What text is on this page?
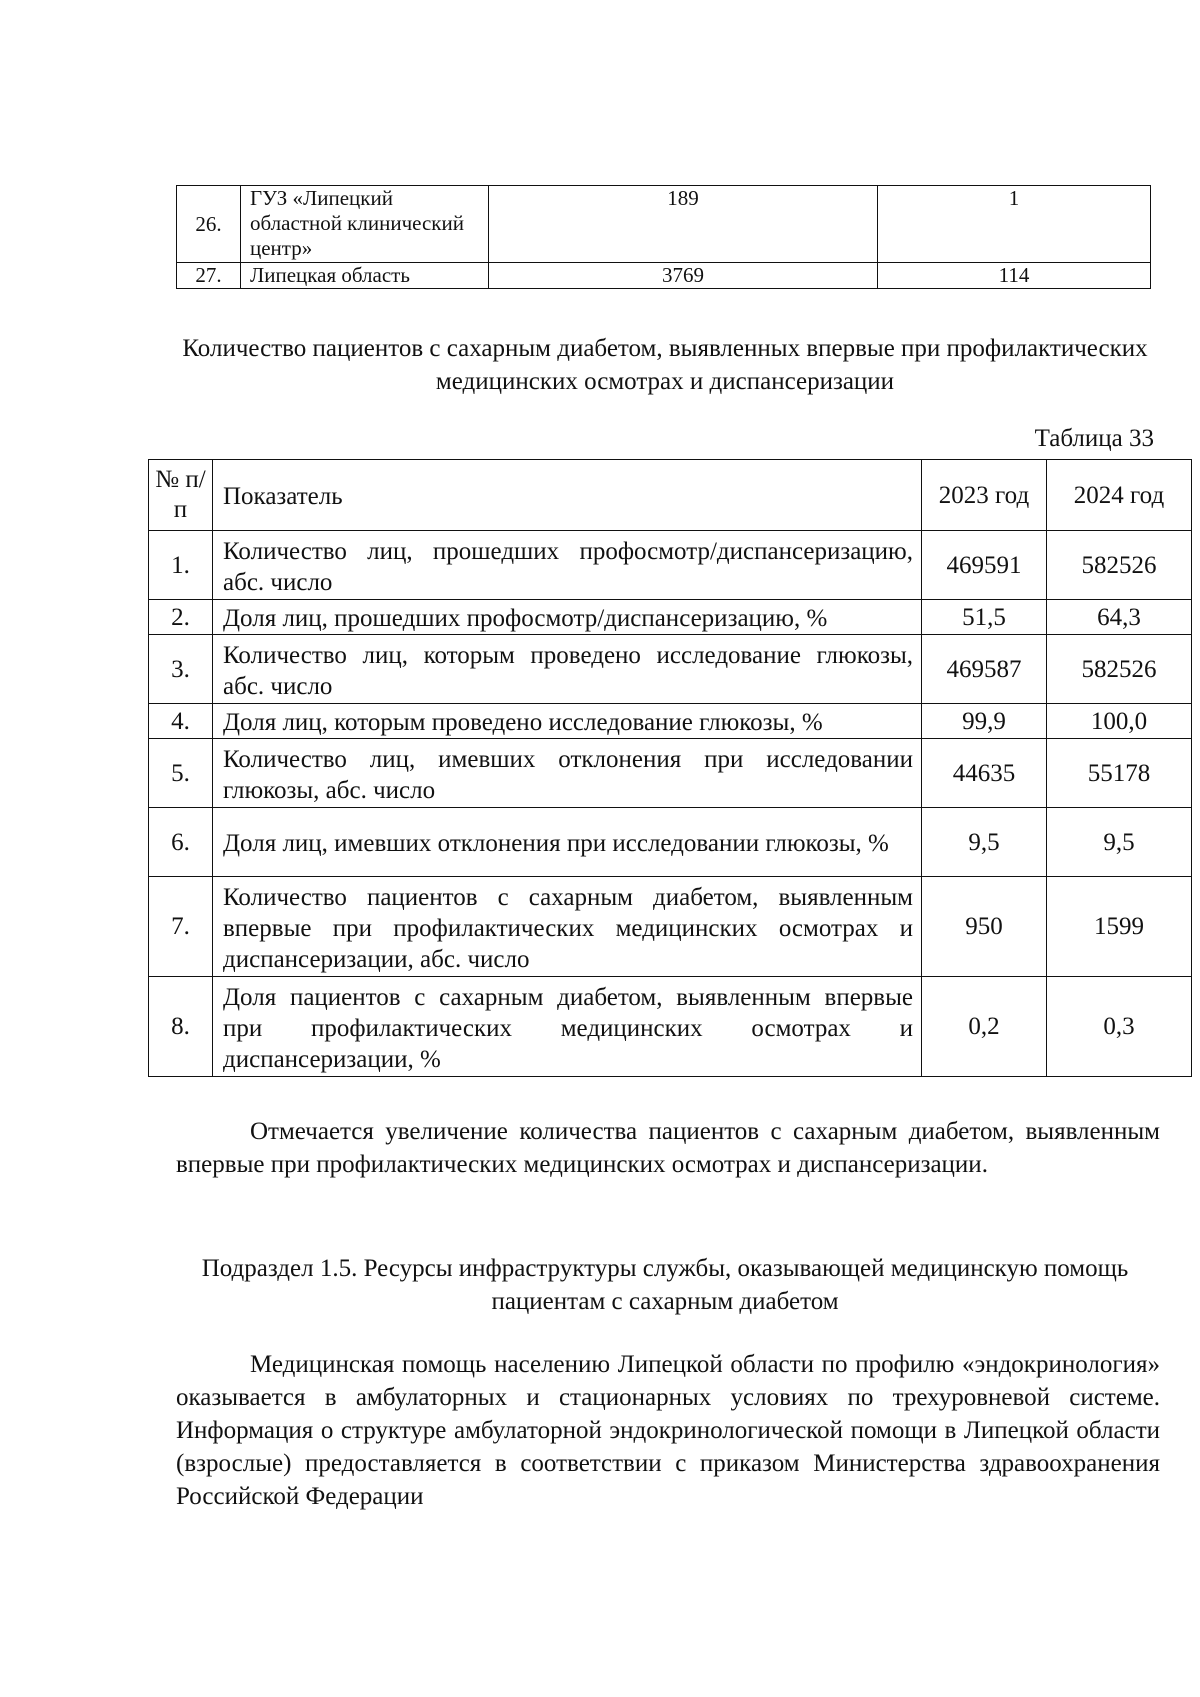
26.	ГУЗ «Липецкий областной клинический центр»	189	1
27.	Липецкая область	3769	114
Количество пациентов с сахарным диабетом, выявленных впервые при профилактических медицинских осмотрах и диспансеризации
Таблица 33
№ п/п	Показатель	2023 год	2024 год
1.	Количество лиц, прошедших профосмотр/диспансеризацию, абс. число	469591	582526
2.	Доля лиц, прошедших профосмотр/диспансеризацию, %	51,5	64,3
3.	Количество лиц, которым проведено исследование глюкозы, абс. число	469587	582526
4.	Доля лиц, которым проведено исследование глюкозы, %	99,9	100,0
5.	Количество лиц, имевших отклонения при исследовании глюкозы, абс. число	44635	55178
6.	Доля лиц, имевших отклонения при исследовании глюкозы, %	9,5	9,5
7.	Количество пациентов с сахарным диабетом, выявленным впервые при профилактических медицинских осмотрах и диспансеризации, абс. число	950	1599
8.	Доля пациентов с сахарным диабетом, выявленным впервые при профилактических медицинских осмотрах и диспансеризации, %	0,2	0,3
Отмечается увеличение количества пациентов с сахарным диабетом, выявленным впервые при профилактических медицинских осмотрах и диспансеризации.
Подраздел 1.5. Ресурсы инфраструктуры службы, оказывающей медицинскую помощь пациентам с сахарным диабетом
Медицинская помощь населению Липецкой области по профилю «эндокринология» оказывается в амбулаторных и стационарных условиях по трехуровневой системе. Информация о структуре амбулаторной эндокринологической помощи в Липецкой области (взрослые) предоставляется в соответствии с приказом Министерства здравоохранения Российской Федерации
